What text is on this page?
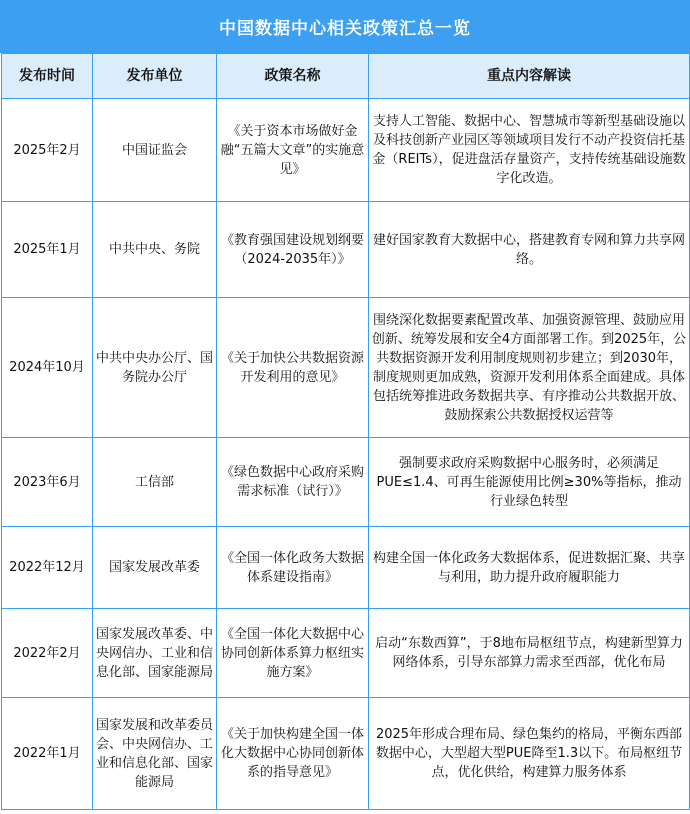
中国数据中心相关政策汇总一览
发布时间	发布单位	政策名称	重点内容解读
2025年2月	中国证监会	《关于资本市场做好金融“五篇大文章”的实施意见》	支持人工智能、数据中心、智慧城市等新型基础设施以及科技创新产业园区等领域项目发行不动产投资信托基金（REITs），促进盘活存量资产，支持传统基础设施数字化改造。
2025年1月	中共中央、务院	《教育强国建设规划纲要（2024-2035年）》	建好国家教育大数据中心，搭建教育专网和算力共享网络。
2024年10月	中共中央办公厅、国务院办公厅	《关于加快公共数据资源开发利用的意见》	围绕深化数据要素配置改革、加强资源管理、鼓励应用创新、统筹发展和安全4方面部署工作。到2025年，公共数据资源开发利用制度规则初步建立；到2030年，制度规则更加成熟，资源开发利用体系全面建成。具体包括统筹推进政务数据共享、有序推动公共数据开放、鼓励探索公共数据授权运营等
2023年6月	工信部	《绿色数据中心政府采购需求标准（试行）》	强制要求政府采购数据中心服务时，必须满足PUE≤1.4、可再生能源使用比例≥30%等指标，推动行业绿色转型
2022年12月	国家发展改革委	《全国一体化政务大数据体系建设指南》	构建全国一体化政务大数据体系，促进数据汇聚、共享与利用，助力提升政府履职能力
2022年2月	国家发展改革委、中央网信办、工业和信息化部、国家能源局	《全国一体化大数据中心协同创新体系算力枢纽实施方案》	启动“东数西算”，于8地布局枢纽节点，构建新型算力网络体系，引导东部算力需求至西部，优化布局
2022年1月	国家发展和改革委员会、中央网信办、工业和信息化部、国家能源局	《关于加快构建全国一体化大数据中心协同创新体系的指导意见》	2025年形成合理布局、绿色集约的格局，平衡东西部数据中心，大型超大型PUE降至1.3以下。布局枢纽节点，优化供给，构建算力服务体系
